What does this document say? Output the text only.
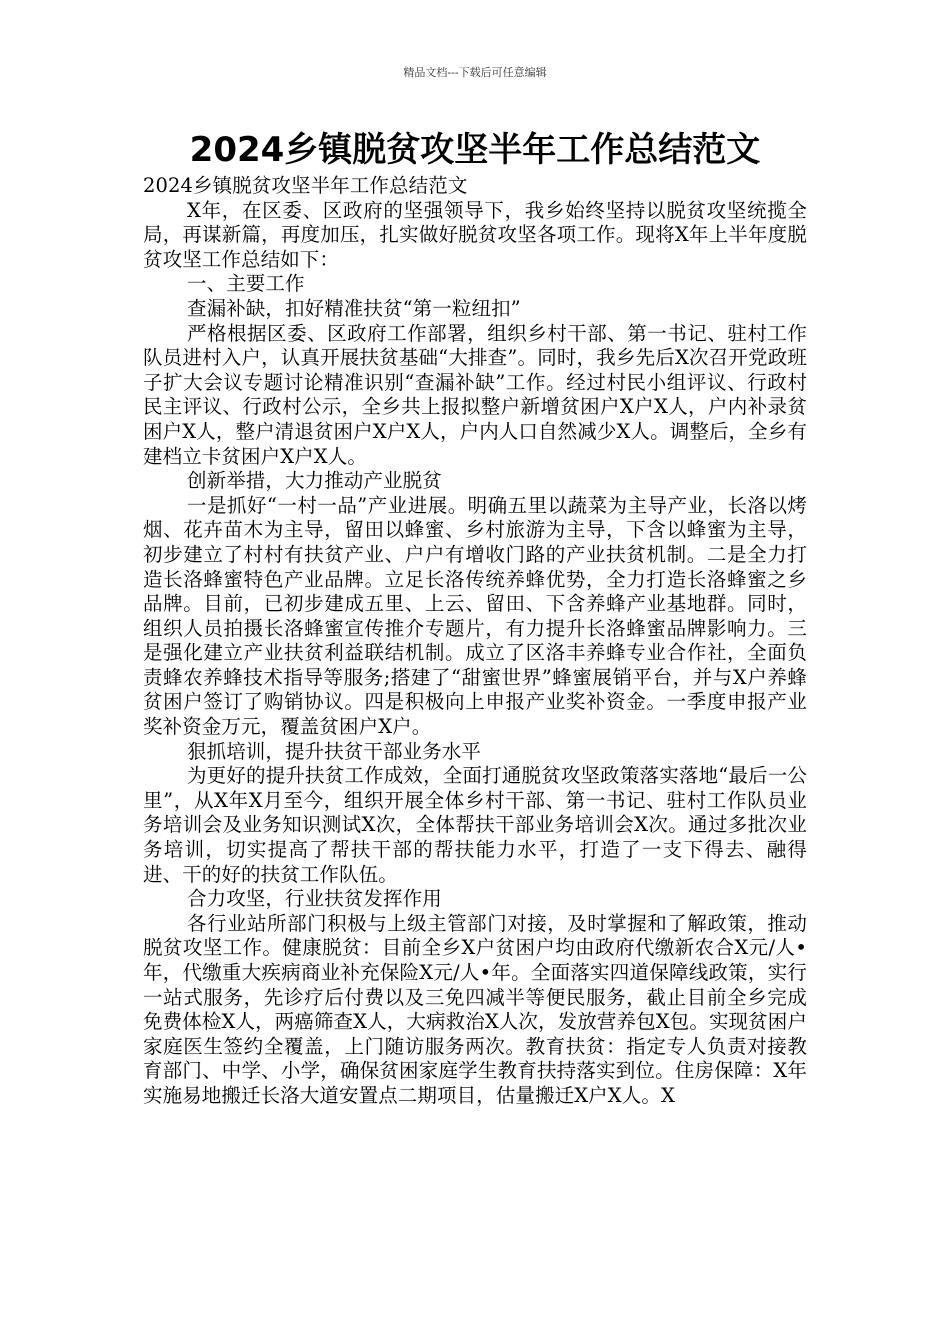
精品文档---下载后可任意编辑
2024乡镇脱贫攻坚半年工作总结范文

2024乡镇脱贫攻坚半年工作总结范文

X年，在区委、区政府的坚强领导下，我乡始终坚持以脱贫攻坚统揽全局，再谋新篇，再度加压，扎实做好脱贫攻坚各项工作。现将X年上半年度脱贫攻坚工作总结如下：

一、主要工作

查漏补缺，扣好精准扶贫“第一粒纽扣”

严格根据区委、区政府工作部署，组织乡村干部、第一书记、驻村工作队员进村入户，认真开展扶贫基础“大排查”。同时，我乡先后X次召开党政班子扩大会议专题讨论精准识别“查漏补缺”工作。经过村民小组评议、行政村民主评议、行政村公示，全乡共上报拟整户新增贫困户X户X人，户内补录贫困户X人，整户清退贫困户X户X人，户内人口自然减少X人。调整后，全乡有建档立卡贫困户X户X人。

创新举措，大力推动产业脱贫

一是抓好“一村一品”产业进展。明确五里以蔬菜为主导产业，长洛以烤烟、花卉苗木为主导，留田以蜂蜜、乡村旅游为主导，下含以蜂蜜为主导，初步建立了村村有扶贫产业、户户有增收门路的产业扶贫机制。二是全力打造长洛蜂蜜特色产业品牌。立足长洛传统养蜂优势，全力打造长洛蜂蜜之乡品牌。目前，已初步建成五里、上云、留田、下含养蜂产业基地群。同时，组织人员拍摄长洛蜂蜜宣传推介专题片，有力提升长洛蜂蜜品牌影响力。三是强化建立产业扶贫利益联结机制。成立了区洛丰养蜂专业合作社，全面负责蜂农养蜂技术指导等服务;搭建了“甜蜜世界”蜂蜜展销平台，并与X户养蜂贫困户签订了购销协议。四是积极向上申报产业奖补资金。一季度申报产业奖补资金万元，覆盖贫困户X户。

狠抓培训，提升扶贫干部业务水平

为更好的提升扶贫工作成效，全面打通脱贫攻坚政策落实落地“最后一公里”，从X年X月至今，组织开展全体乡村干部、第一书记、驻村工作队员业务培训会及业务知识测试X次，全体帮扶干部业务培训会X次。通过多批次业务培训，切实提高了帮扶干部的帮扶能力水平，打造了一支下得去、融得进、干的好的扶贫工作队伍。

合力攻坚，行业扶贫发挥作用

各行业站所部门积极与上级主管部门对接，及时掌握和了解政策，推动脱贫攻坚工作。健康脱贫：目前全乡X户贫困户均由政府代缴新农合X元/人•年，代缴重大疾病商业补充保险X元/人•年。全面落实四道保障线政策，实行一站式服务，先诊疗后付费以及三免四减半等便民服务，截止目前全乡完成免费体检X人，两癌筛查X人，大病救治X人次，发放营养包X包。实现贫困户家庭医生签约全覆盖，上门随访服务两次。教育扶贫：指定专人负责对接教育部门、中学、小学，确保贫困家庭学生教育扶持落实到位。住房保障：X年实施易地搬迁长洛大道安置点二期项目，估量搬迁X户X人。X
